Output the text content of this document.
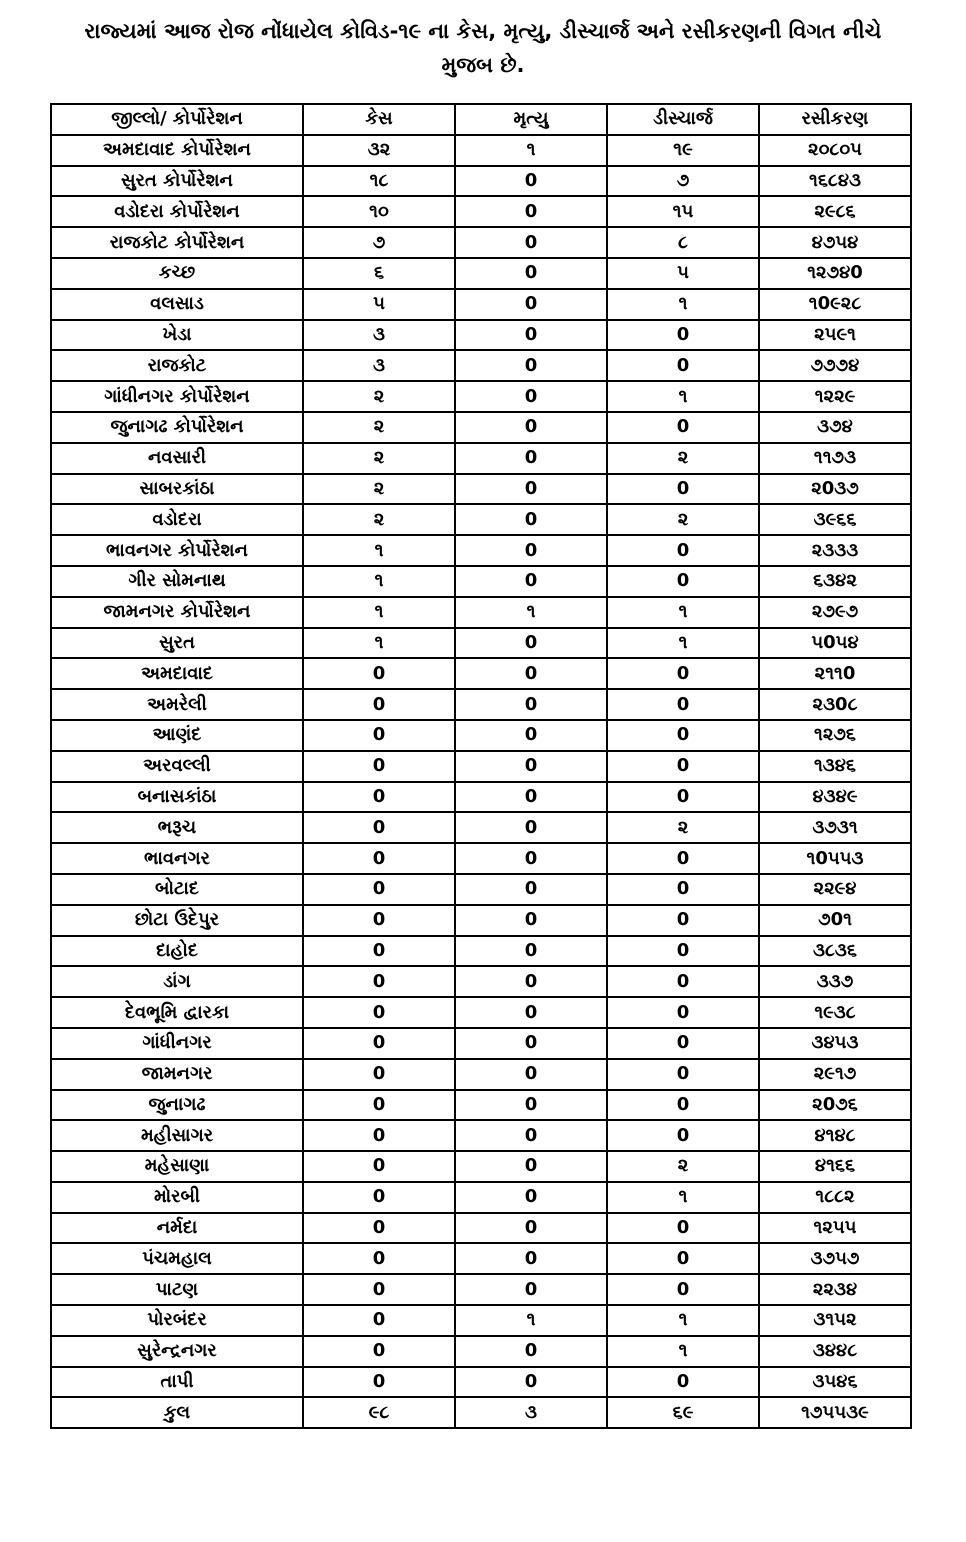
રાજ્યમાં આજ રોજ નોંધાયેલ કોવિડ-૧૯ ના કેસ, મૃત્યુ, ડીસ્ચાર્જ અને રસીકરણની વિગત નીચે
મુજબ છે.
જીલ્લો/ કોર્પોરેશન	કેસ	મૃત્યુ	ડીસ્ચાર્જ	રસીકરણ
અમદાવાદ કોર્પોરેશન	૩૨	૧	૧૯	૨૦૮૦૫
સુરત કોર્પોરેશન	૧૮	0	૭	૧૬૮૪૩
વડોદરા કોર્પોરેશન	૧૦	0	૧૫	૨૯૮૬
રાજકોટ કોર્પોરેશન	૭	0	૮	૪૭૫૪
કચ્છ	૬	0	૫	૧૨૭૪0
વલસાડ	૫	0	૧	૧0૯૨૮
ખેડા	૩	0	0	૨૫૯૧
રાજકોટ	૩	0	0	૭૭૭૪
ગાંધીનગર કોર્પોરેશન	૨	0	૧	૧૨૨૯
જુનાગઢ કોર્પોરેશન	૨	0	0	૩૭૪
નવસારી	૨	0	૨	૧૧૭૩
સાબરકાંઠા	૨	0	0	૨0૩૭
વડોદરા	૨	0	૨	૩૯૬૬
ભાવનગર કોર્પોરેશન	૧	0	0	૨૩૩૩
ગીર સોમનાથ	૧	0	0	૬૩૪૨
જામનગર કોર્પોરેશન	૧	૧	૧	૨૭૯૭
સુરત	૧	0	૧	૫0૫૪
અમદાવાદ	0	0	0	૨૧૧0
અમરેલી	0	0	0	૨૩0૮
આણંદ	0	0	0	૧૨૭૬
અરવલ્લી	0	0	0	૧૩૪૬
બનાસકાંઠા	0	0	0	૪૩૪૯
ભરૂચ	0	0	૨	૩૭૩૧
ભાવનગર	0	0	0	૧0૫૫૩
બોટાદ	0	0	0	૨૨૯૪
છોટા ઉદેપુર	0	0	0	૭0૧
દાહોદ	0	0	0	૩૮૩૬
ડાંગ	0	0	0	૩૩૭
દેવભૂમિ દ્વારકા	0	0	0	૧૯૩૮
ગાંધીનગર	0	0	0	૩૪૫૩
જામનગર	0	0	0	૨૯૧૭
જુનાગઢ	0	0	0	૨0૭૬
મહીસાગર	0	0	0	૪૧૪૮
મહેસાણા	0	0	૨	૪૧૬૬
મોરબી	0	0	૧	૧૮૮૨
નર્મદા	0	0	0	૧૨૫૫
પંચમહાલ	0	0	0	૩૭૫૭
પાટણ	0	0	0	૨૨૩૪
પોરબંદર	0	૧	૧	૩૧૫૨
સુરેન્દ્રનગર	0	0	૧	૩૪૪૮
તાપી	0	0	0	૩૫૪૬
કુલ	૯૮	૩	૬૯	૧૭૫૫૩૯
